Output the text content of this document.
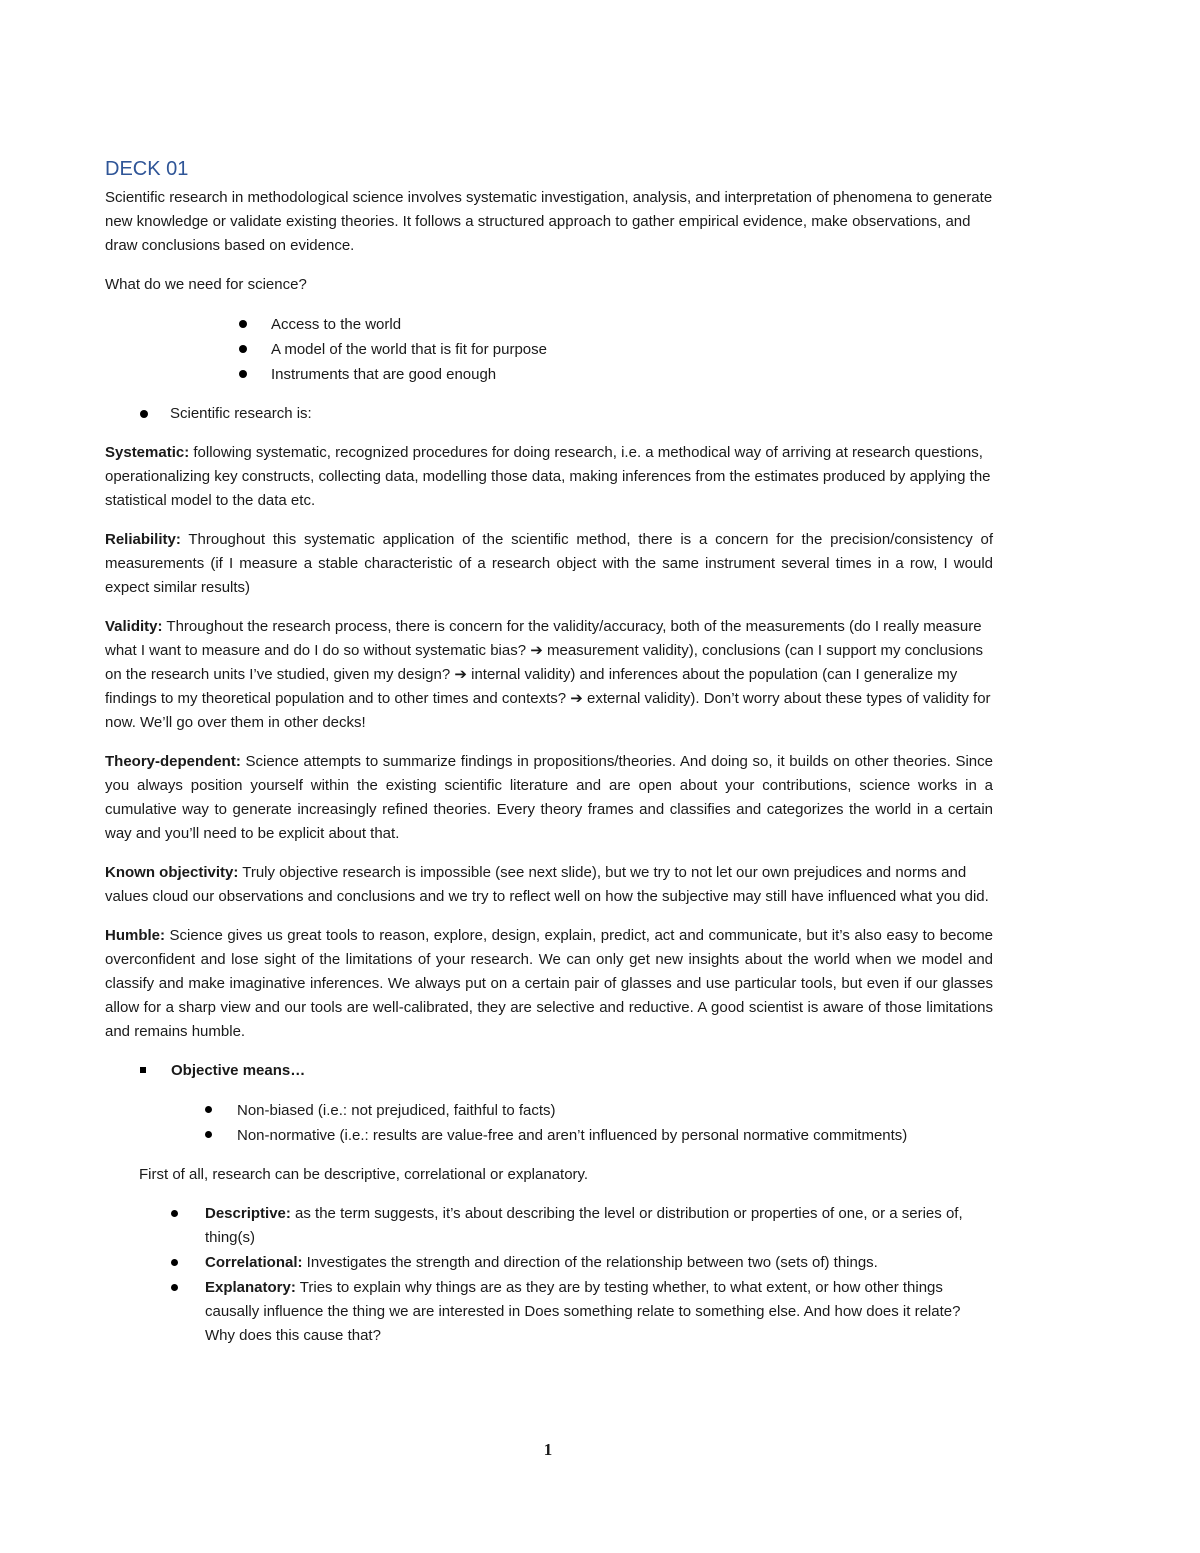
DECK 01

Scientific research in methodological science involves systematic investigation, analysis, and interpretation of phenomena to generate new knowledge or validate existing theories. It follows a structured approach to gather empirical evidence, make observations, and draw conclusions based on evidence.

What do we need for science?

Access to the world
A model of the world that is fit for purpose
Instruments that are good enough
Scientific research is:

Systematic: following systematic, recognized procedures for doing research, i.e. a methodical way of arriving at research questions, operationalizing key constructs, collecting data, modelling those data, making inferences from the estimates produced by applying the statistical model to the data etc.

Reliability: Throughout this systematic application of the scientific method, there is a concern for the precision/consistency of measurements (if I measure a stable characteristic of a research object with the same instrument several times in a row, I would expect similar results)

Validity: Throughout the research process, there is concern for the validity/accuracy, both of the measurements (do I really measure what I want to measure and do I do so without systematic bias? ➔ measurement validity), conclusions (can I support my conclusions on the research units I’ve studied, given my design? ➔ internal validity) and inferences about the population (can I generalize my findings to my theoretical population and to other times and contexts? ➔ external validity). Don’t worry about these types of validity for now. We’ll go over them in other decks!

Theory-dependent: Science attempts to summarize findings in propositions/theories. And doing so, it builds on other theories. Since you always position yourself within the existing scientific literature and are open about your contributions, science works in a cumulative way to generate increasingly refined theories. Every theory frames and classifies and categorizes the world in a certain way and you’ll need to be explicit about that.

Known objectivity: Truly objective research is impossible (see next slide), but we try to not let our own prejudices and norms and values cloud our observations and conclusions and we try to reflect well on how the subjective may still have influenced what you did.

Humble: Science gives us great tools to reason, explore, design, explain, predict, act and communicate, but it’s also easy to become overconfident and lose sight of the limitations of your research. We can only get new insights about the world when we model and classify and make imaginative inferences. We always put on a certain pair of glasses and use particular tools, but even if our glasses allow for a sharp view and our tools are well-calibrated, they are selective and reductive. A good scientist is aware of those limitations and remains humble.

Objective means…
Non-biased (i.e.: not prejudiced, faithful to facts)
Non-normative (i.e.: results are value-free and aren’t influenced by personal normative commitments)

First of all, research can be descriptive, correlational or explanatory.

Descriptive: as the term suggests, it’s about describing the level or distribution or properties of one, or a series of, thing(s)
Correlational: Investigates the strength and direction of the relationship between two (sets of) things.
Explanatory: Tries to explain why things are as they are by testing whether, to what extent, or how other things causally influence the thing we are interested in Does something relate to something else. And how does it relate? Why does this cause that?
1
